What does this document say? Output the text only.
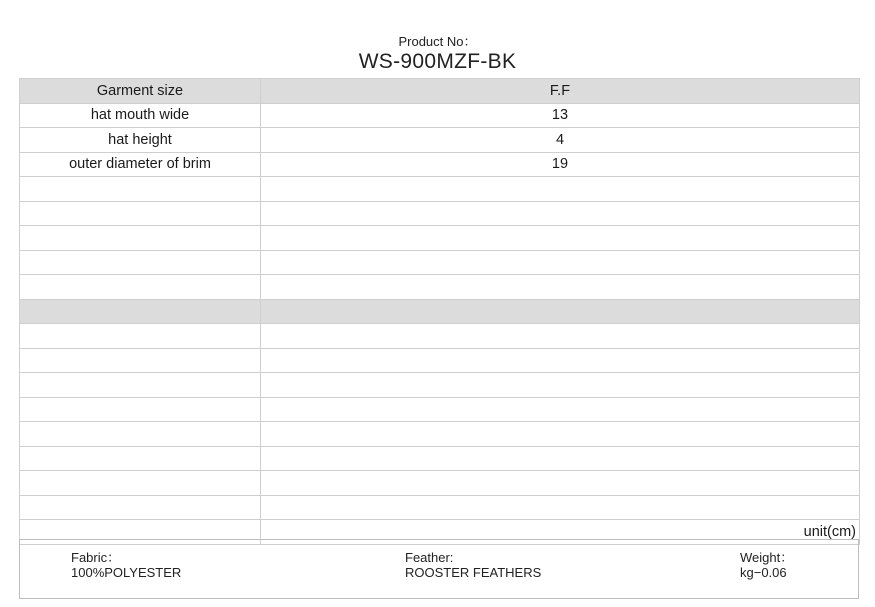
Product No：
WS-900MZF-BK
Garment size	F.F
hat mouth wide	13
hat height	4
outer diameter of brim	19

	unit(cm)
Fabric：
100%POLYESTER
Feather:
ROOSTER FEATHERS
Weight：
kg−0.06
